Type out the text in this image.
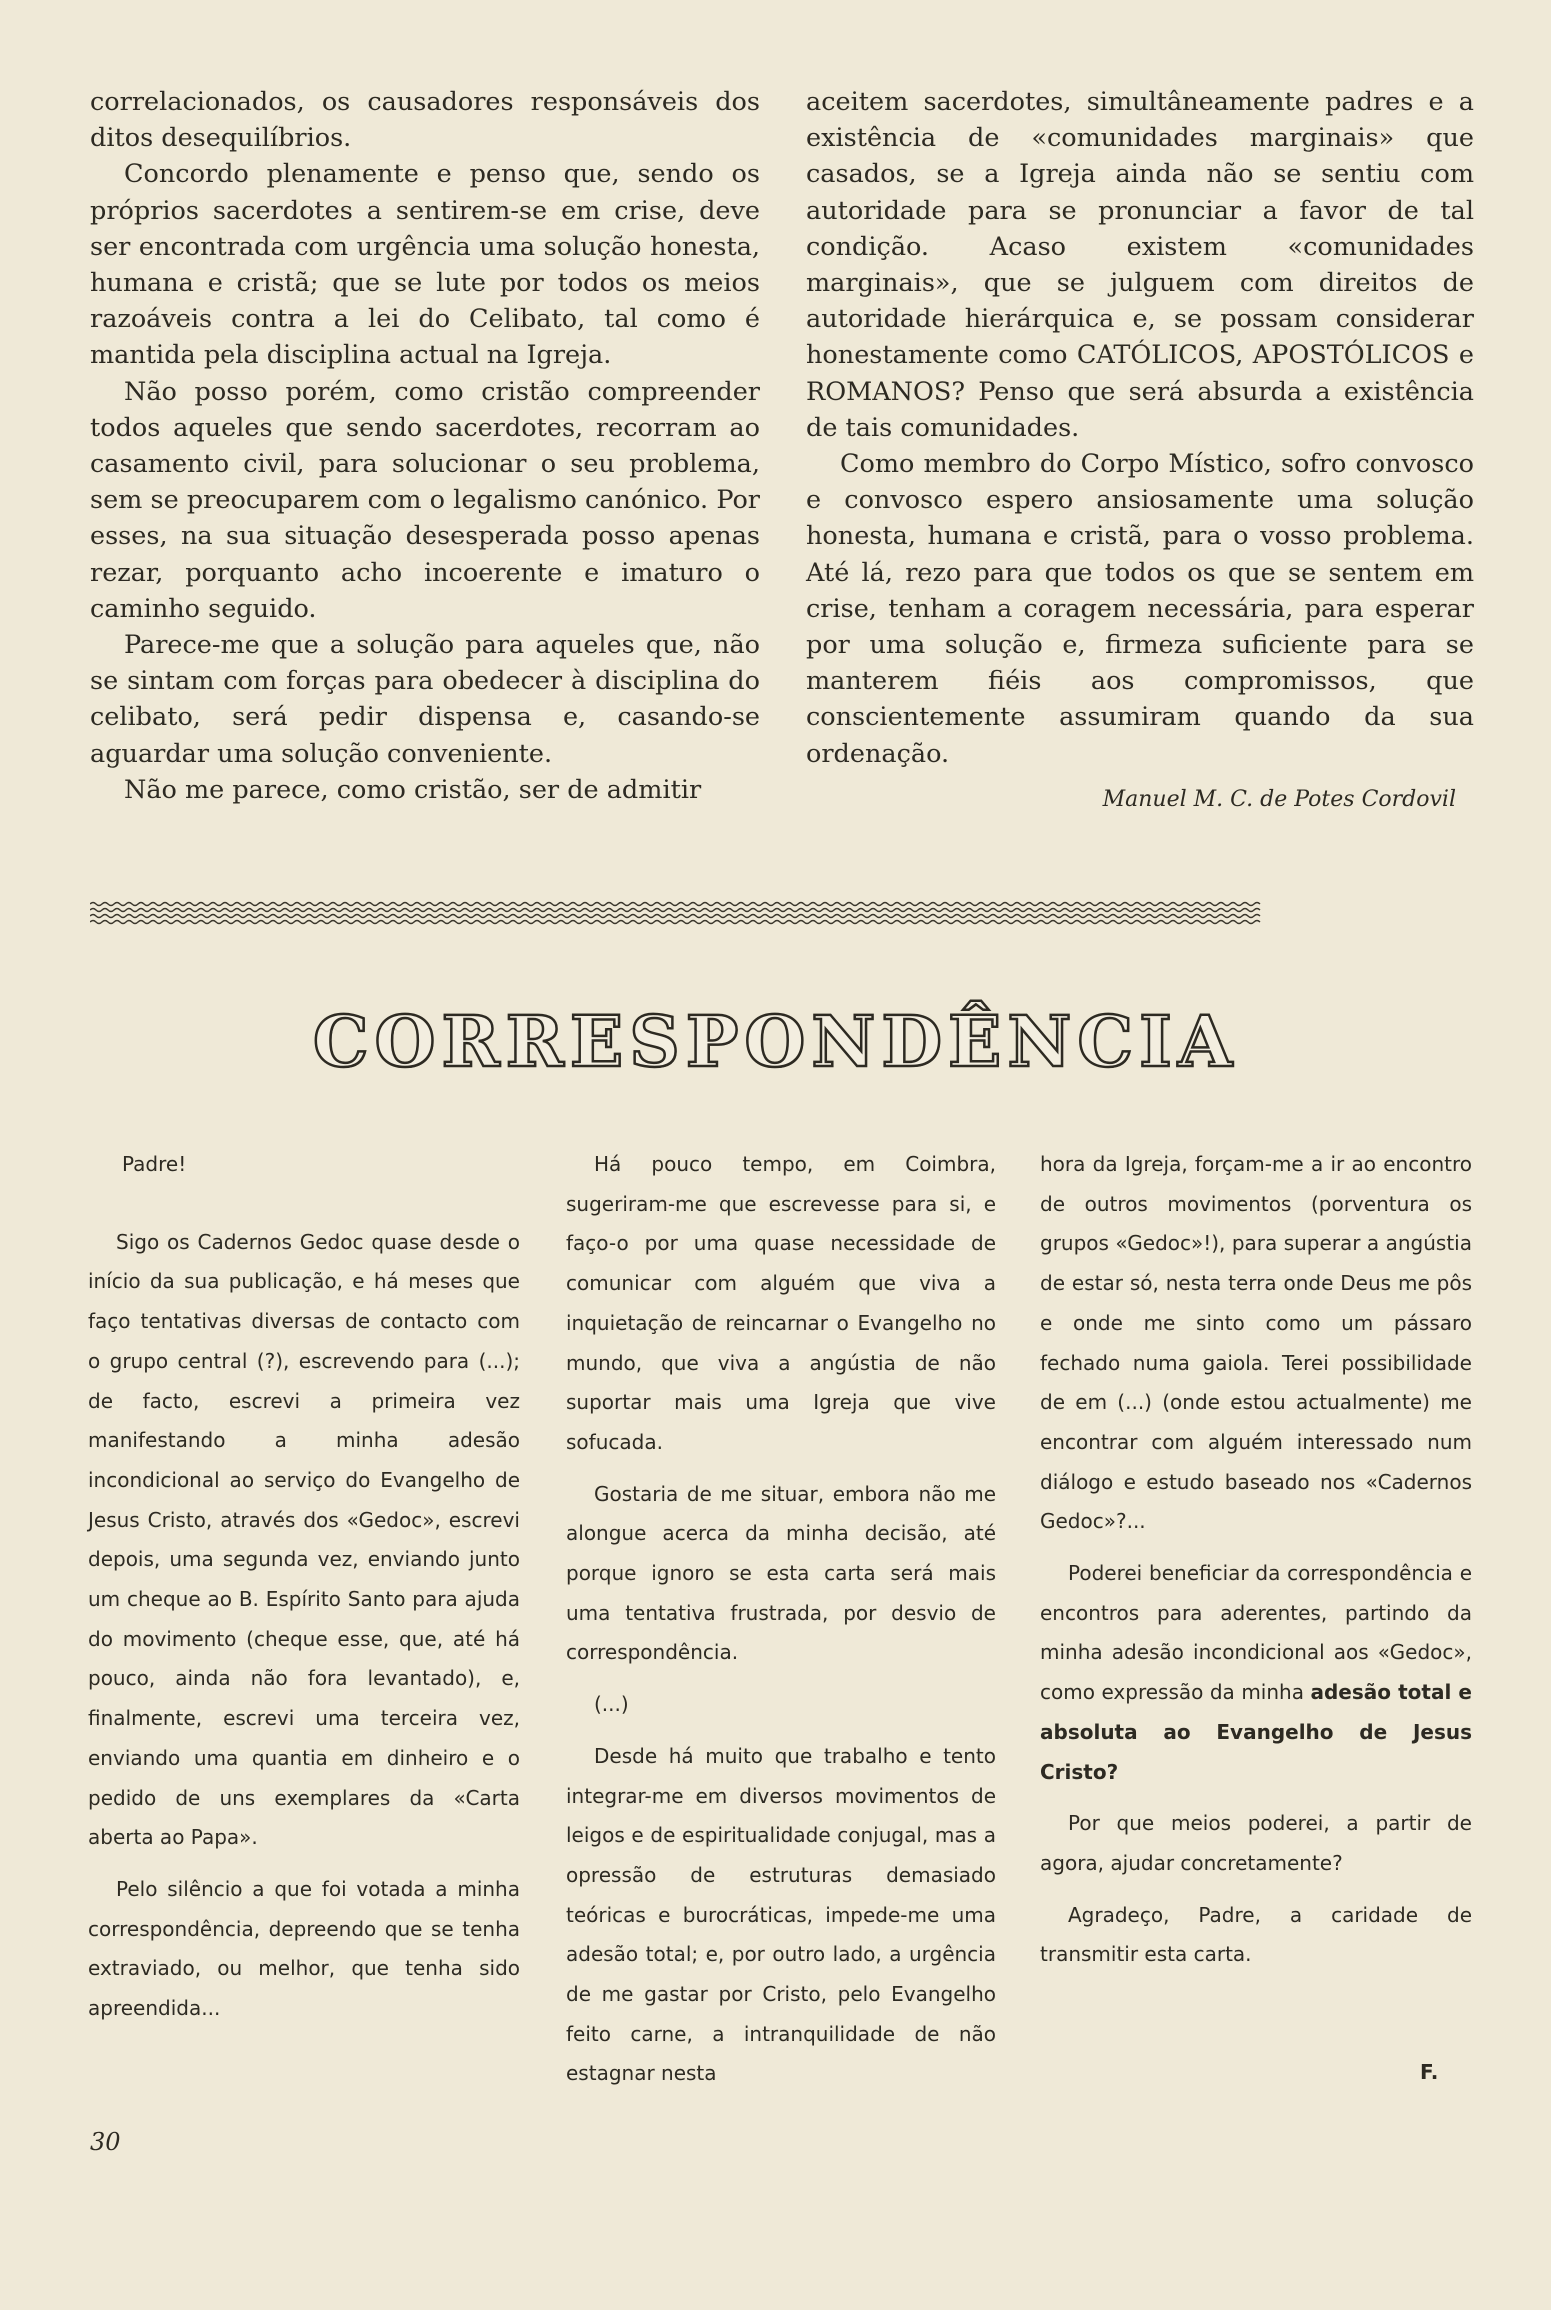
correlacionados, os causadores responsáveis dos ditos desequilíbrios.

Concordo plenamente e penso que, sendo os próprios sacerdotes a sentirem-se em crise, deve ser encontrada com urgência uma solução honesta, humana e cristã; que se lute por todos os meios razoáveis contra a lei do Celibato, tal como é mantida pela disciplina actual na Igreja.

Não posso porém, como cristão compreender todos aqueles que sendo sacerdotes, recorram ao casamento civil, para solucionar o seu problema, sem se preocuparem com o legalismo canónico. Por esses, na sua situação desesperada posso apenas rezar, porquanto acho incoerente e imaturo o caminho seguido.

Parece-me que a solução para aqueles que, não se sintam com forças para obedecer à disciplina do celibato, será pedir dispensa e, casando-se aguardar uma solução conveniente.

Não me parece, como cristão, ser de admitir

aceitem sacerdotes, simultâneamente padres e a existência de «comunidades marginais» que casados, se a Igreja ainda não se sentiu com autoridade para se pronunciar a favor de tal condição. Acaso existem «comunidades marginais», que se julguem com direitos de autoridade hierárquica e, se possam considerar honestamente como CATÓLICOS, APOSTÓLICOS e ROMANOS? Penso que será absurda a existência de tais comunidades.

Como membro do Corpo Místico, sofro convosco e convosco espero ansiosamente uma solução honesta, humana e cristã, para o vosso problema. Até lá, rezo para que todos os que se sentem em crise, tenham a coragem necessária, para esperar por uma solução e, firmeza suficiente para se manterem fiéis aos compromissos, que conscientemente assumiram quando da sua ordenação.

Manuel M. C. de Potes Cordovil
CORRESPONDÊNCIA

Padre!

Sigo os Cadernos Gedoc quase desde o início da sua publicação, e há meses que faço tentativas diversas de contacto com o grupo central (?), escrevendo para (...); de facto, escrevi a primeira vez manifestando a minha adesão incondicional ao serviço do Evangelho de Jesus Cristo, através dos «Gedoc», escrevi depois, uma segunda vez, enviando junto um cheque ao B. Espírito Santo para ajuda do movimento (cheque esse, que, até há pouco, ainda não fora levantado), e, finalmente, escrevi uma terceira vez, enviando uma quantia em dinheiro e o pedido de uns exemplares da «Carta aberta ao Papa».

Pelo silêncio a que foi votada a minha correspondência, depreendo que se tenha extraviado, ou melhor, que tenha sido apreendida...

Há pouco tempo, em Coimbra, sugeriram-me que escrevesse para si, e faço-o por uma quase necessidade de comunicar com alguém que viva a inquietação de reincarnar o Evangelho no mundo, que viva a angústia de não suportar mais uma Igreja que vive sofucada.

Gostaria de me situar, embora não me alongue acerca da minha decisão, até porque ignoro se esta carta será mais uma tentativa frustrada, por desvio de correspondência.

(...)

Desde há muito que trabalho e tento integrar-me em diversos movimentos de leigos e de espiritualidade conjugal, mas a opressão de estruturas demasiado teóricas e burocráticas, impede-me uma adesão total; e, por outro lado, a urgência de me gastar por Cristo, pelo Evangelho feito carne, a intranquilidade de não estagnar nesta

hora da Igreja, forçam-me a ir ao encontro de outros movimentos (porventura os grupos «Gedoc»!), para superar a angústia de estar só, nesta terra onde Deus me pôs e onde me sinto como um pássaro fechado numa gaiola. Terei possibilidade de em (...) (onde estou actualmente) me encontrar com alguém interessado num diálogo e estudo baseado nos «Cadernos Gedoc»?...

Poderei beneficiar da correspondência e encontros para aderentes, partindo da minha adesão incondicional aos «Gedoc», como expressão da minha adesão total e absoluta ao Evangelho de Jesus Cristo?

Por que meios poderei, a partir de agora, ajudar concretamente?

Agradeço, Padre, a caridade de transmitir esta carta.

F.
30
